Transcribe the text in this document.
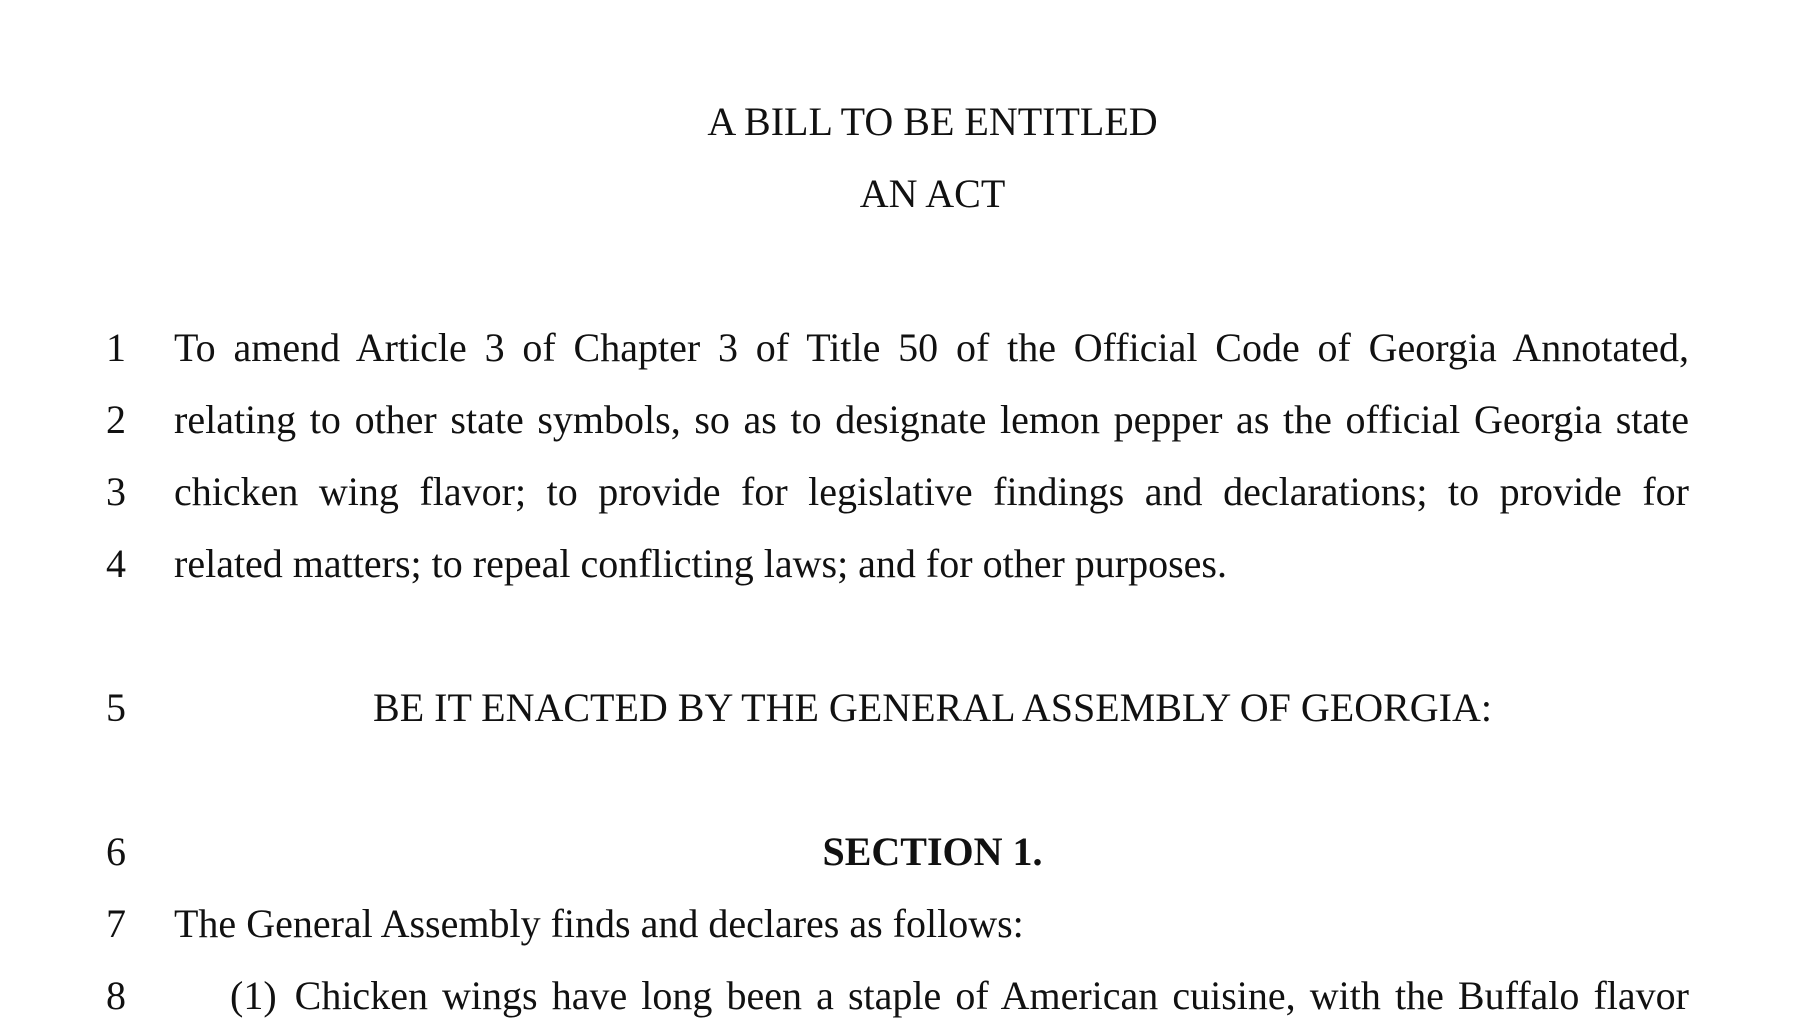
A BILL TO BE ENTITLED
AN ACT
1 To amend Article 3 of Chapter 3 of Title 50 of the Official Code of Georgia Annotated,
2 relating to other state symbols, so as to designate lemon pepper as the official Georgia state
3 chicken wing flavor; to provide for legislative findings and declarations; to provide for
4 related matters; to repeal conflicting laws; and for other purposes.
5	BE IT ENACTED BY THE GENERAL ASSEMBLY OF GEORGIA:
6	SECTION 1.
7 The General Assembly finds and declares as follows:
8	(1) Chicken wings have long been a staple of American cuisine, with the Buffalo flavor
